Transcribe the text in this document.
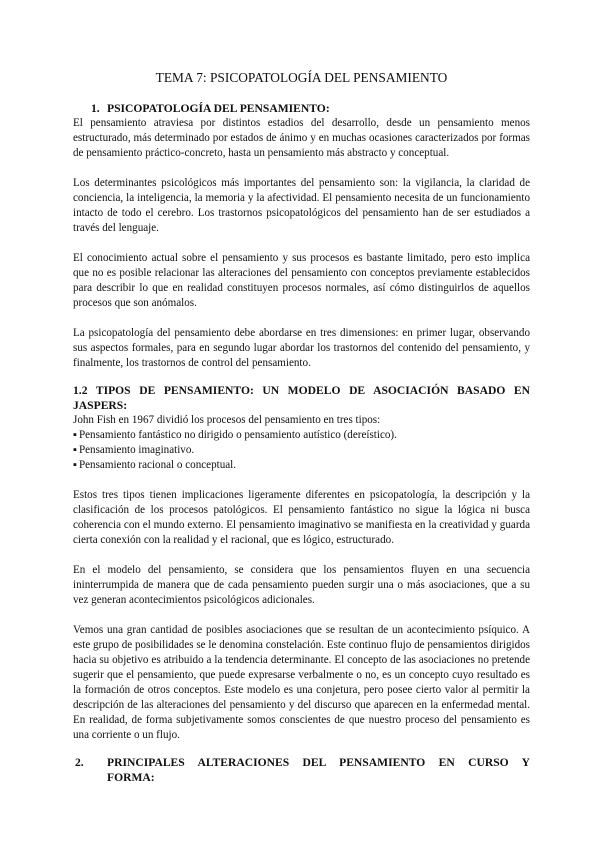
TEMA 7: PSICOPATOLOGÍA DEL PENSAMIENTO
1. PSICOPATOLOGÍA DEL PENSAMIENTO:

El pensamiento atraviesa por distintos estadios del desarrollo, desde un pensamiento menos estructurado, más determinado por estados de ánimo y en muchas ocasiones caracterizados por formas de pensamiento práctico-concreto, hasta un pensamiento más abstracto y conceptual.

Los determinantes psicológicos más importantes del pensamiento son: la vigilancia, la claridad de conciencia, la inteligencia, la memoria y la afectividad. El pensamiento necesita de un funcionamiento intacto de todo el cerebro. Los trastornos psicopatológicos del pensamiento han de ser estudiados a través del lenguaje.

El conocimiento actual sobre el pensamiento y sus procesos es bastante limitado, pero esto implica que no es posible relacionar las alteraciones del pensamiento con conceptos previamente establecidos para describir lo que en realidad constituyen procesos normales, así cómo distinguirlos de aquellos procesos que son anómalos.

La psicopatología del pensamiento debe abordarse en tres dimensiones: en primer lugar, observando sus aspectos formales, para en segundo lugar abordar los trastornos del contenido del pensamiento, y finalmente, los trastornos de control del pensamiento.

1.2 TIPOS DE PENSAMIENTO: UN MODELO DE ASOCIACIÓN BASADO EN JASPERS:

John Fish en 1967 dividió los procesos del pensamiento en tres tipos:

▪ Pensamiento fantástico no dirigido o pensamiento autístico (dereístico).
▪ Pensamiento imaginativo.
▪ Pensamiento racional o conceptual.

Estos tres tipos tienen implicaciones ligeramente diferentes en psicopatología, la descripción y la clasificación de los procesos patológicos. El pensamiento fantástico no sigue la lógica ni busca coherencia con el mundo externo. El pensamiento imaginativo se manifiesta en la creatividad y guarda cierta conexión con la realidad y el racional, que es lógico, estructurado.

En el modelo del pensamiento, se considera que los pensamientos fluyen en una secuencia ininterrumpida de manera que de cada pensamiento pueden surgir una o más asociaciones, que a su vez generan acontecimientos psicológicos adicionales.

Vemos una gran cantidad de posibles asociaciones que se resultan de un acontecimiento psíquico. A este grupo de posibilidades se le denomina constelación. Este continuo flujo de pensamientos dirigidos hacia su objetivo es atribuido a la tendencia determinante. El concepto de las asociaciones no pretende sugerir que el pensamiento, que puede expresarse verbalmente o no, es un concepto cuyo resultado es la formación de otros conceptos. Este modelo es una conjetura, pero posee cierto valor al permitir la descripción de las alteraciones del pensamiento y del discurso que aparecen en la enfermedad mental. En realidad, de forma subjetivamente somos conscientes de que nuestro proceso del pensamiento es una corriente o un flujo.

2. PRINCIPALES ALTERACIONES DEL PENSAMIENTO EN CURSO Y FORMA:
